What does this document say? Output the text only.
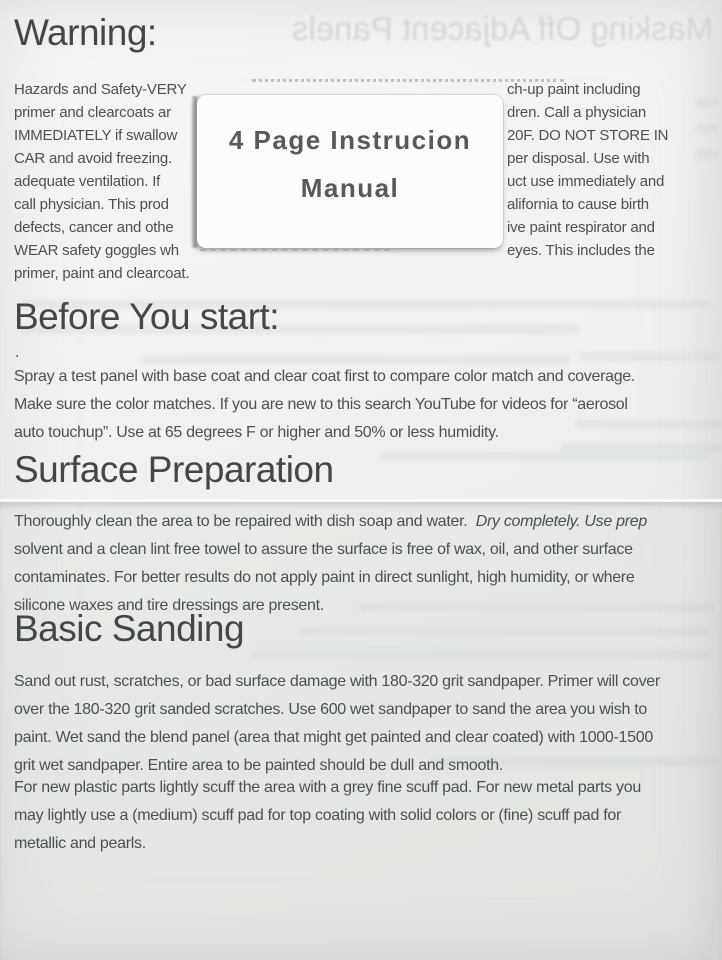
Masking Off Adjacent Panels
Warning:
Hazards and Safety-VERY	ch-up paint including
primer and clearcoats ar	dren. Call a physician
IMMEDIATELY if swallow	20F. DO NOT STORE IN
CAR and avoid freezing.	per disposal. Use with
adequate ventilation. If	uct use immediately and
call physician. This prod	alifornia to cause birth
defects, cancer and othe	ive paint respirator and
WEAR safety goggles wh	eyes. This includes the
primer, paint and clearcoat.
4 Page Instrucion
Manual
Before You start:
.
Spray a test panel with base coat and clear coat first to compare color match and coverage.
Make sure the color matches. If you are new to this search YouTube for videos for “aerosol
auto touchup”. Use at 65 degrees F or higher and 50% or less humidity.
Surface Preparation
Thoroughly clean the area to be repaired with dish soap and water.  Dry completely. Use prep
solvent and a clean lint free towel to assure the surface is free of wax, oil, and other surface
contaminates. For better results do not apply paint in direct sunlight, high humidity, or where
silicone waxes and tire dressings are present.
Basic Sanding
Sand out rust, scratches, or bad surface damage with 180-320 grit sandpaper. Primer will cover
over the 180-320 grit sanded scratches. Use 600 wet sandpaper to sand the area you wish to
paint. Wet sand the blend panel (area that might get painted and clear coated) with 1000-1500
grit wet sandpaper. Entire area to be painted should be dull and smooth.
For new plastic parts lightly scuff the area with a grey fine scuff pad. For new metal parts you
may lightly use a (medium) scuff pad for top coating with solid colors or (fine) scuff pad for
metallic and pearls.
